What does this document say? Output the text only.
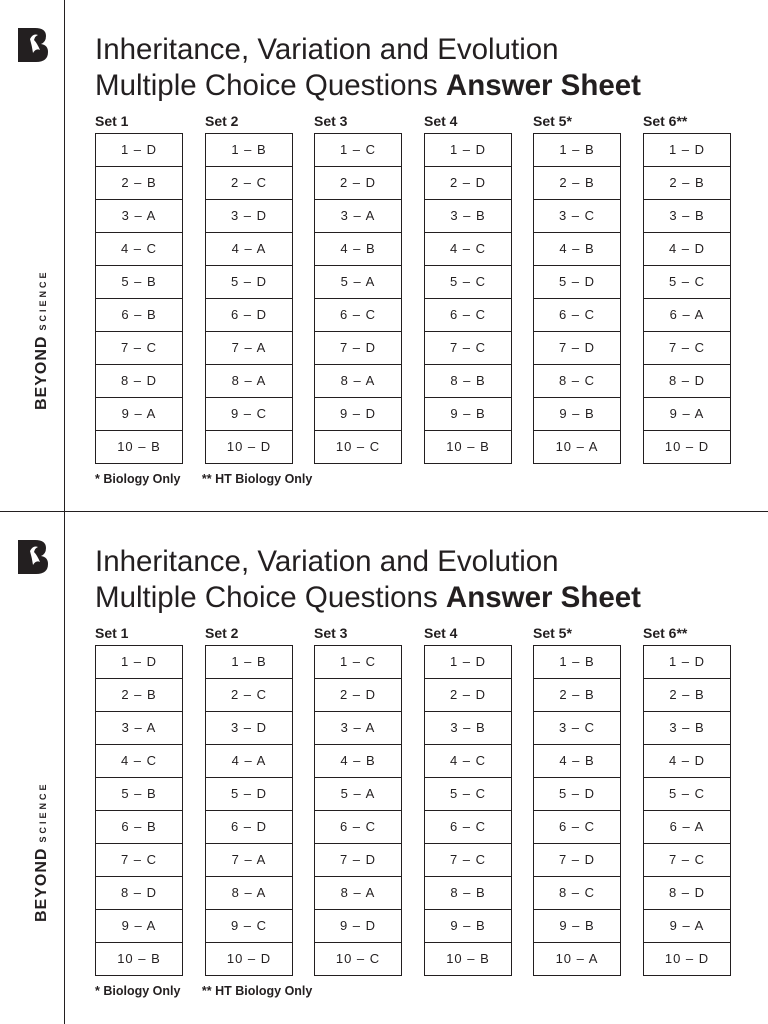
BEYONDSCIENCE
Inheritance, Variation and Evolution
Multiple Choice Questions Answer Sheet
Set 1
1 – D
2 – B
3 – A
4 – C
5 – B
6 – B
7 – C
8 – D
9 – A
10 – B
Set 2
1 – B
2 – C
3 – D
4 – A
5 – D
6 – D
7 – A
8 – A
9 – C
10 – D
Set 3
1 – C
2 – D
3 – A
4 – B
5 – A
6 – C
7 – D
8 – A
9 – D
10 – C
Set 4
1 – D
2 – D
3 – B
4 – C
5 – C
6 – C
7 – C
8 – B
9 – B
10 – B
Set 5*
1 – B
2 – B
3 – C
4 – B
5 – D
6 – C
7 – D
8 – C
9 – B
10 – A
Set 6**
1 – D
2 – B
3 – B
4 – D
5 – C
6 – A
7 – C
8 – D
9 – A
10 – D
* Biology Only ** HT Biology Only
BEYONDSCIENCE
Inheritance, Variation and Evolution
Multiple Choice Questions Answer Sheet
Set 1
1 – D
2 – B
3 – A
4 – C
5 – B
6 – B
7 – C
8 – D
9 – A
10 – B
Set 2
1 – B
2 – C
3 – D
4 – A
5 – D
6 – D
7 – A
8 – A
9 – C
10 – D
Set 3
1 – C
2 – D
3 – A
4 – B
5 – A
6 – C
7 – D
8 – A
9 – D
10 – C
Set 4
1 – D
2 – D
3 – B
4 – C
5 – C
6 – C
7 – C
8 – B
9 – B
10 – B
Set 5*
1 – B
2 – B
3 – C
4 – B
5 – D
6 – C
7 – D
8 – C
9 – B
10 – A
Set 6**
1 – D
2 – B
3 – B
4 – D
5 – C
6 – A
7 – C
8 – D
9 – A
10 – D
* Biology Only ** HT Biology Only
